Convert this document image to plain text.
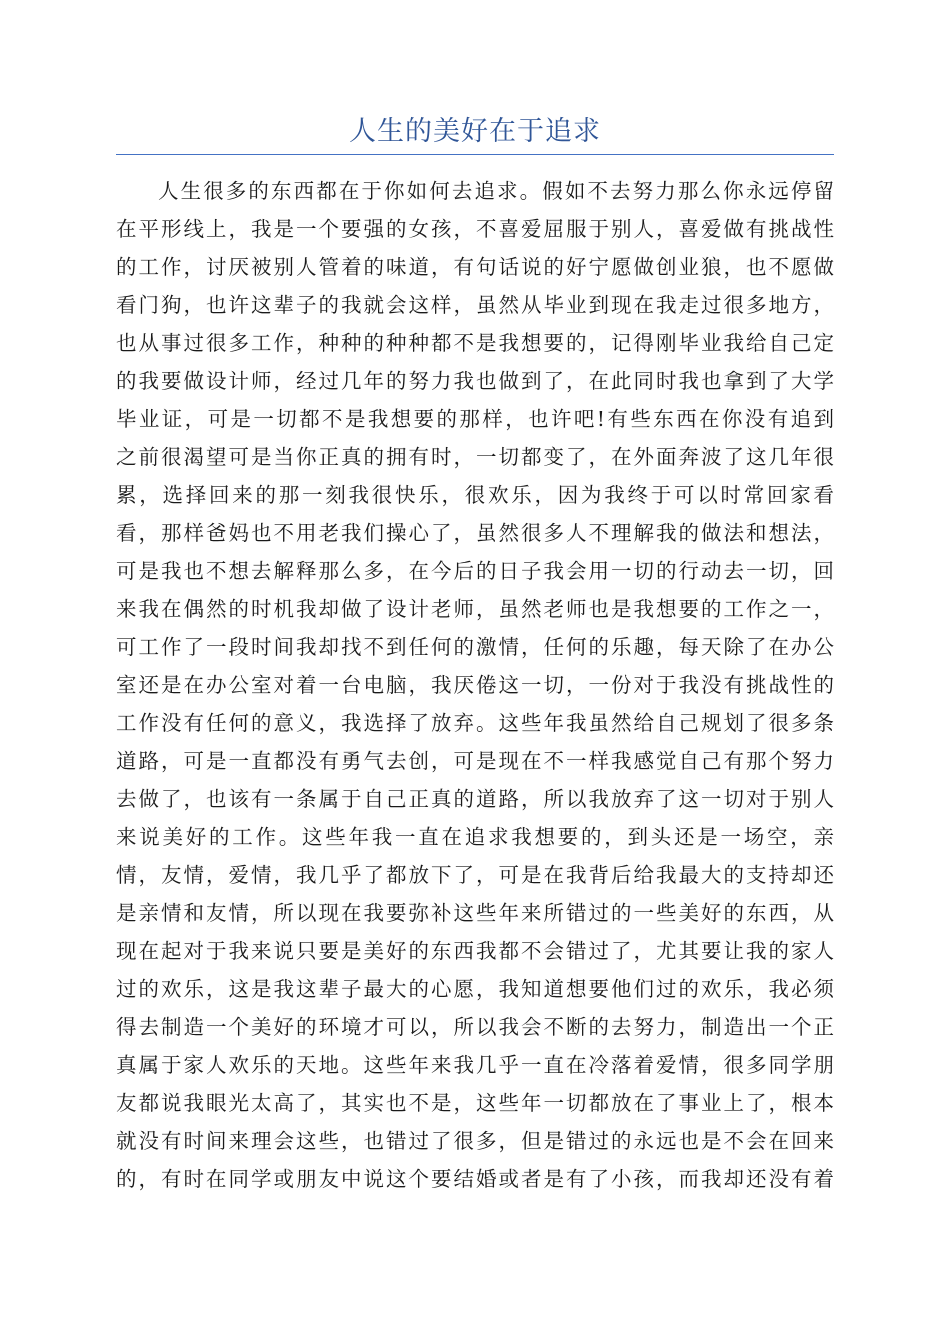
人生的美好在于追求
人生很多的东西都在于你如何去追求。假如不去努力那么你永远停留
在平形线上，我是一个要强的女孩，不喜爱屈服于别人，喜爱做有挑战性
的工作，讨厌被别人管着的味道，有句话说的好宁愿做创业狼，也不愿做
看门狗，也许这辈子的我就会这样，虽然从毕业到现在我走过很多地方，
也从事过很多工作，种种的种种都不是我想要的，记得刚毕业我给自己定
的我要做设计师，经过几年的努力我也做到了，在此同时我也拿到了大学
毕业证，可是一切都不是我想要的那样，也许吧!有些东西在你没有追到
之前很渴望可是当你正真的拥有时，一切都变了，在外面奔波了这几年很
累，选择回来的那一刻我很快乐，很欢乐，因为我终于可以时常回家看
看，那样爸妈也不用老我们操心了，虽然很多人不理解我的做法和想法，
可是我也不想去解释那么多，在今后的日子我会用一切的行动去一切，回
来我在偶然的时机我却做了设计老师，虽然老师也是我想要的工作之一，
可工作了一段时间我却找不到任何的激情，任何的乐趣，每天除了在办公
室还是在办公室对着一台电脑，我厌倦这一切，一份对于我没有挑战性的
工作没有任何的意义，我选择了放弃。这些年我虽然给自己规划了很多条
道路，可是一直都没有勇气去创，可是现在不一样我感觉自己有那个努力
去做了，也该有一条属于自己正真的道路，所以我放弃了这一切对于别人
来说美好的工作。这些年我一直在追求我想要的，到头还是一场空，亲
情，友情，爱情，我几乎了都放下了，可是在我背后给我最大的支持却还
是亲情和友情，所以现在我要弥补这些年来所错过的一些美好的东西，从
现在起对于我来说只要是美好的东西我都不会错过了，尤其要让我的家人
过的欢乐，这是我这辈子最大的心愿，我知道想要他们过的欢乐，我必须
得去制造一个美好的环境才可以，所以我会不断的去努力，制造出一个正
真属于家人欢乐的天地。这些年来我几乎一直在冷落着爱情，很多同学朋
友都说我眼光太高了，其实也不是，这些年一切都放在了事业上了，根本
就没有时间来理会这些，也错过了很多，但是错过的永远也是不会在回来
的，有时在同学或朋友中说这个要结婚或者是有了小孩，而我却还没有着
